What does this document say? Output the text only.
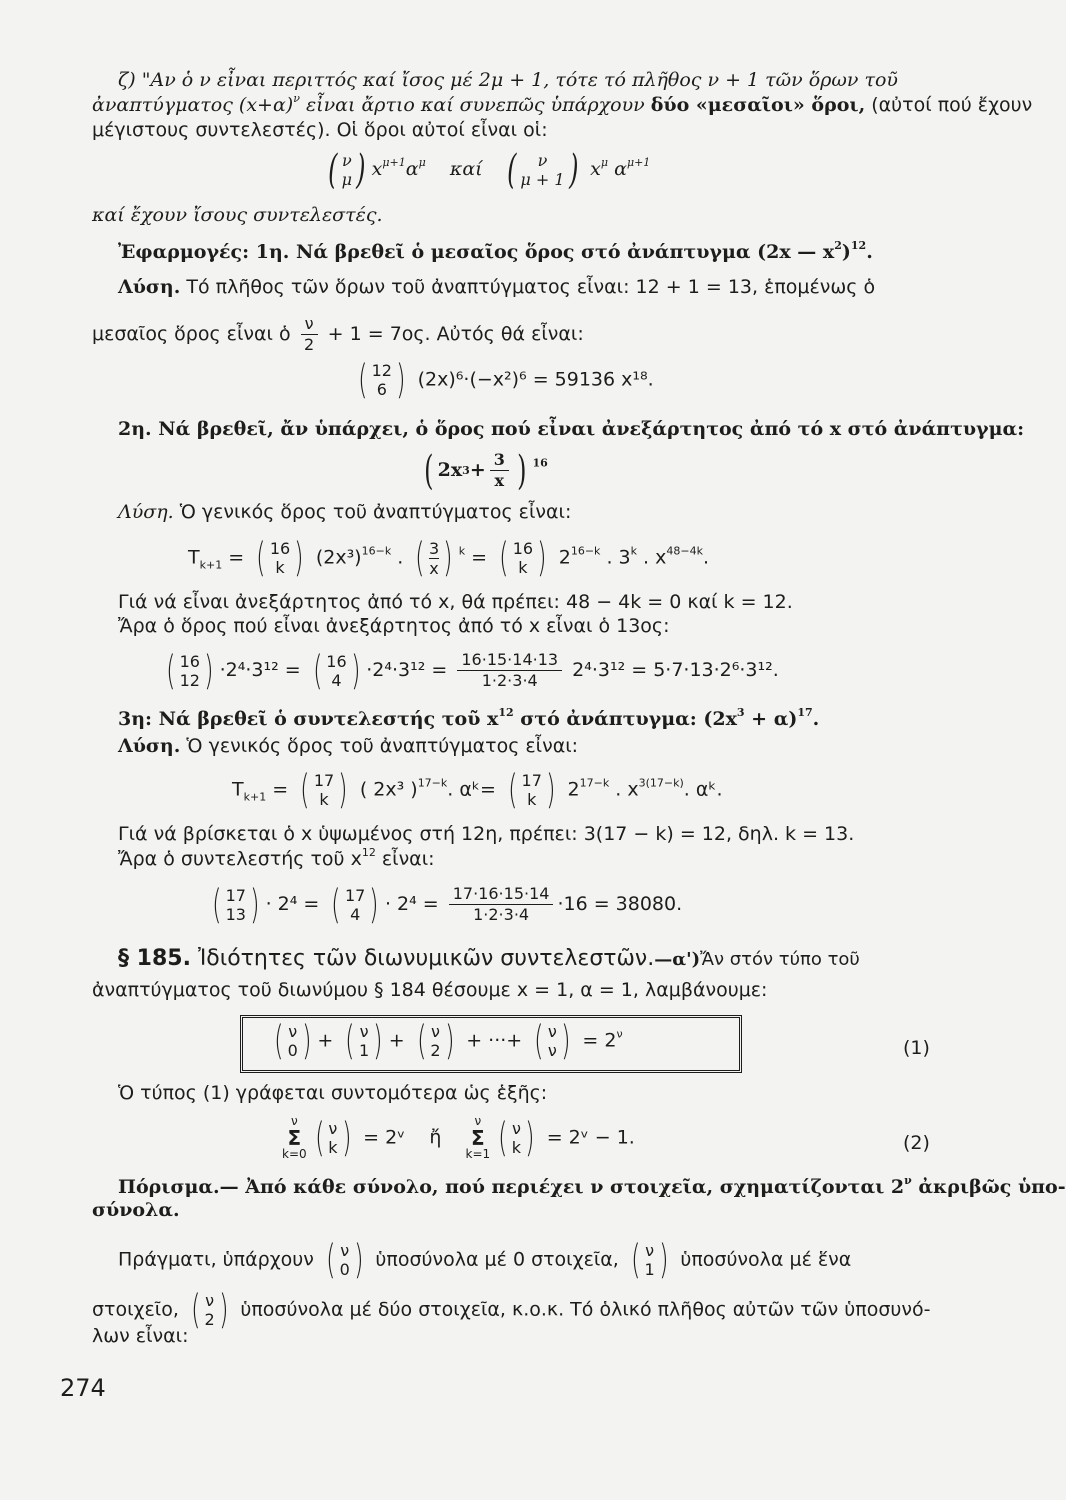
ζ) "Αν ὁ ν εἶναι περιττός καί ἴσος μέ 2μ + 1, τότε τό πλῆθος ν + 1 τῶν ὅρων τοῦ
ἀναπτύγματος $(x+\alpha)^\nu$ εἶναι ἄρτιο καί συνεπῶς ὑπάρχουν δύο «μεσαῖοι» ὅροι, (αὐτοί πού ἔχουν
μέγιστους συντελεστές). Οἱ ὅροι αὐτοί εἶναι οἱ:
( ν
μ ) $x^{\mu+1}\alpha^\mu$ καί ( ν
μ + 1 ) $x^\mu$ $\alpha^{\mu+1}$
καί ἔχουν ἴσους συντελεστές.
Ἐφαρμογές: 1η. Νά βρεθεῖ ὁ μεσαῖος ὅρος στό ἀνάπτυγμα (2x — $x^2)^{12}$.
Λύση. Τό πλῆθος τῶν ὅρων τοῦ ἀναπτύγματος εἶναι: 12 + 1 = 13, ἑπομένως ὁ
μεσαῖος ὅρος εἶναι ὁ $\frac{\nu}{2} + 1 = 7o\varsigma$. Αὐτός θά εἶναι:
( 12
6 ) (2x)⁶·(−x²)⁶ = 59136 x¹⁸.
2η. Νά βρεθεῖ, ἄν ὑπάρχει, ὁ ὅρος πού εἶναι ἀνεξάρτητος ἀπό τό x στό ἀνάπτυγμα:
( 2x $3 + \frac{3}{x}$ ) $^{16}$
Λύση. Ὁ γενικός ὅρος τοῦ ἀναπτύγματος εἶναι:
$T_{k+1}$ = ( 16
k ) $(2x^3)^{16-k}$ . ( 3
x ) $^k$ = ( 16
k ) $2^{16-k}$ . 3$^k$ . $x^{48-4k}$.
Γιά νά εἶναι ἀνεξάρτητος ἀπό τό x, θά πρέπει: 48 − 4k = 0 καί k = 12.
Ἄρα ὁ ὅρος πού εἶναι ἀνεξάρτητος ἀπό τό x εἶναι ὁ 13ος:
( 16
12 ) ·2⁴·3¹² = ( 16
4 ) $\cdot 2^4\cdot 3^{12} = \frac{16\cdot 15\cdot 14\cdot 13}{1\cdot 2\cdot 3\cdot 4} 2^4\cdot 3^{12} = 5\cdot 7\cdot 13\cdot 2^6\cdot 3^{12}$.
3η: Νά βρεθεῖ ὁ συντελεστής τοῦ $x^{12}$ στό ἀνάπτυγμα: $(2x^3 + \alpha)^{17}$.
Λύση. Ὁ γενικός ὅρος τοῦ ἀναπτύγματος εἶναι:
$T_{k+1}$ = ( 17
k ) ( 2x³ )$^{17-k}$. αᵏ= ( 17
k ) $2^{17-k}$ . $x^{3(17-k)}$. αᵏ.
Γιά νά βρίσκεται ὁ x ὑψωμένος στή 12η, πρέπει: 3(17 − k) = 12, δηλ. k = 13.
Ἄρα ὁ συντελεστής τοῦ $x^{12}$ εἶναι:
( 17
13 ) · 2⁴ = ( 17
4 ) · $2^4 = \frac{17\cdot 16\cdot 15\cdot 14}{1\cdot 2\cdot 3\cdot 4} \cdot 16 = 38080$.
§ 185. Ἰδιότητες τῶν διωνυμικῶν συντελεστῶν.—α')Ἄν στόν τύπο τοῦ
ἀναπτύγματος τοῦ διωνύμου § 184 θέσουμε x = 1, α = 1, λαμβάνουμε:
( ν
0 ) + ( ν
1 ) + ( ν
2 ) + ···+ ( ν
ν ) = $2^\nu$
(1)
Ὁ τύπος (1) γράφεται συντομότερα ὡς ἑξῆς:
ν
Σ
k=0 ( ν
k ) = 2ᵛ ἤ
ν
Σ
k=1 ( ν
k ) = 2ᵛ − 1.	(2)
Πόρισμα.— Ἀπό κάθε σύνολο, πού περιέχει ν στοιχεῖα, σχηματίζονται $2^\nu$ ἀκριβῶς ὑπο-
σύνολα.
Πράγματι, ὑπάρχουν ( ν
0 ) ὑποσύνολα μέ 0 στοιχεῖα, ( ν
1 ) ὑποσύνολα μέ ἕνα
στοιχεῖο, ( ν
2 ) ὑποσύνολα μέ δύο στοιχεῖα, κ.ο.κ. Τό ὁλικό πλῆθος αὐτῶν τῶν ὑποσυνό-
λων εἶναι:
274
